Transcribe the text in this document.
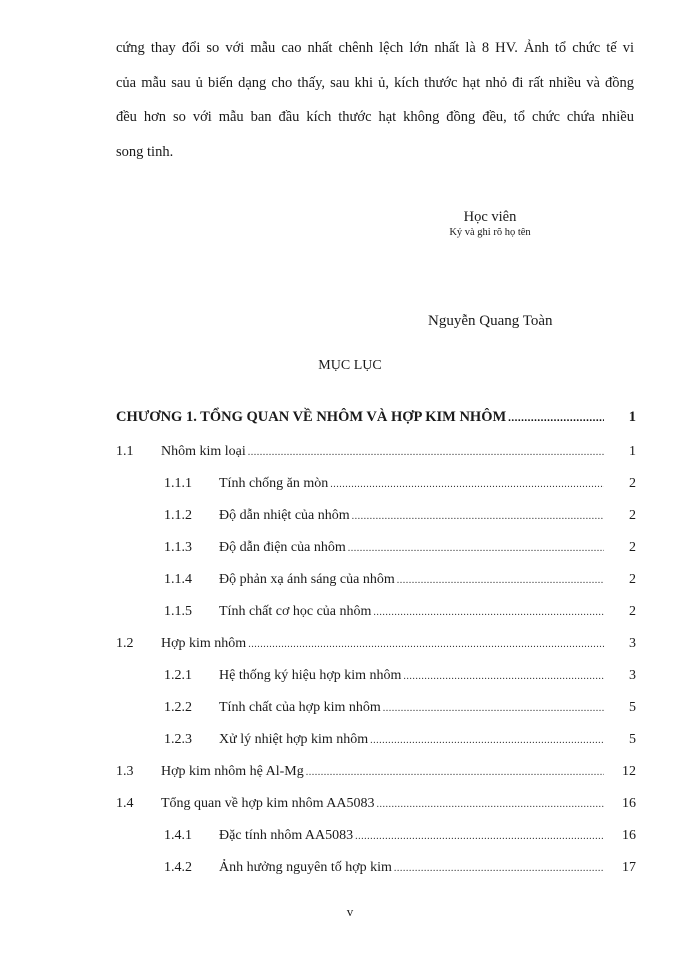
cứng thay đổi so với mẫu cao nhất chênh lệch lớn nhất là 8 HV. Ảnh tổ chức tế vi
của mẫu sau ủ biến dạng cho thấy, sau khi ủ, kích thước hạt nhỏ đi rất nhiều và đồng
đều hơn so với mẫu ban đầu kích thước hạt không đồng đều, tổ chức chứa nhiều
song tinh.
Học viên
Ký và ghi rõ họ tên
Nguyễn Quang Toàn
MỤC LỤC
CHƯƠNG 1. TỔNG QUAN VỀ NHÔM VÀ HỢP KIM NHÔM .....	1
1.1	Nhôm kim loại .....	1
1.1.1	Tính chống ăn mòn .....	2
1.1.2	Độ dẫn nhiệt của nhôm .....	2
1.1.3	Độ dẫn điện của nhôm .....	2
1.1.4	Độ phản xạ ánh sáng của nhôm .....	2
1.1.5	Tính chất cơ học của nhôm .....	2
1.2	Hợp kim nhôm .....	3
1.2.1	Hệ thống ký hiệu hợp kim nhôm .....	3
1.2.2	Tính chất của hợp kim nhôm .....	5
1.2.3	Xử lý nhiệt hợp kim nhôm .....	5
1.3	Hợp kim nhôm hệ Al-Mg .....	12
1.4	Tổng quan về hợp kim nhôm AA5083 .....	16
1.4.1	Đặc tính nhôm AA5083 .....	16
1.4.2	Ảnh hưởng nguyên tố hợp kim .....	17
v
